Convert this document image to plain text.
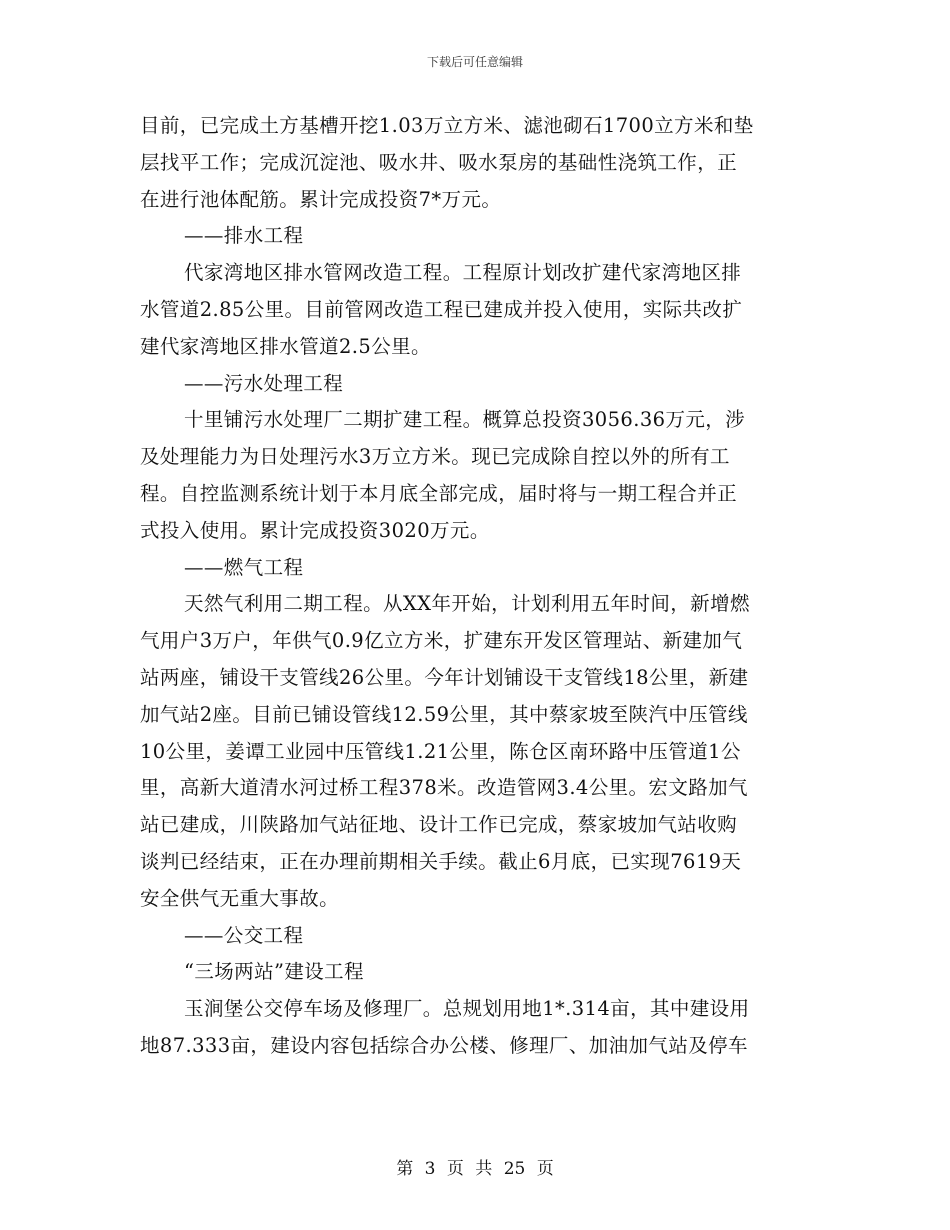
下载后可任意编辑
目前，已完成土方基槽开挖1.03万立方米、滤池砌石1700立方米和垫
层找平工作；完成沉淀池、吸水井、吸水泵房的基础性浇筑工作，正
在进行池体配筋。累计完成投资7*万元。
——排水工程
代家湾地区排水管网改造工程。工程原计划改扩建代家湾地区排
水管道2.85公里。目前管网改造工程已建成并投入使用，实际共改扩
建代家湾地区排水管道2.5公里。
——污水处理工程
十里铺污水处理厂二期扩建工程。概算总投资3056.36万元，涉
及处理能力为日处理污水3万立方米。现已完成除自控以外的所有工
程。自控监测系统计划于本月底全部完成，届时将与一期工程合并正
式投入使用。累计完成投资3020万元。
——燃气工程
天然气利用二期工程。从XX年开始，计划利用五年时间，新增燃
气用户3万户，年供气0.9亿立方米，扩建东开发区管理站、新建加气
站两座，铺设干支管线26公里。今年计划铺设干支管线18公里，新建
加气站2座。目前已铺设管线12.59公里，其中蔡家坡至陕汽中压管线
10公里，姜谭工业园中压管线1.21公里，陈仓区南环路中压管道1公
里，高新大道清水河过桥工程378米。改造管网3.4公里。宏文路加气
站已建成，川陕路加气站征地、设计工作已完成，蔡家坡加气站收购
谈判已经结束，正在办理前期相关手续。截止6月底，已实现7619天
安全供气无重大事故。
——公交工程
“三场两站”建设工程
玉涧堡公交停车场及修理厂。总规划用地1*.314亩，其中建设用
地87.333亩，建设内容包括综合办公楼、修理厂、加油加气站及停车
第 3 页 共 25 页
